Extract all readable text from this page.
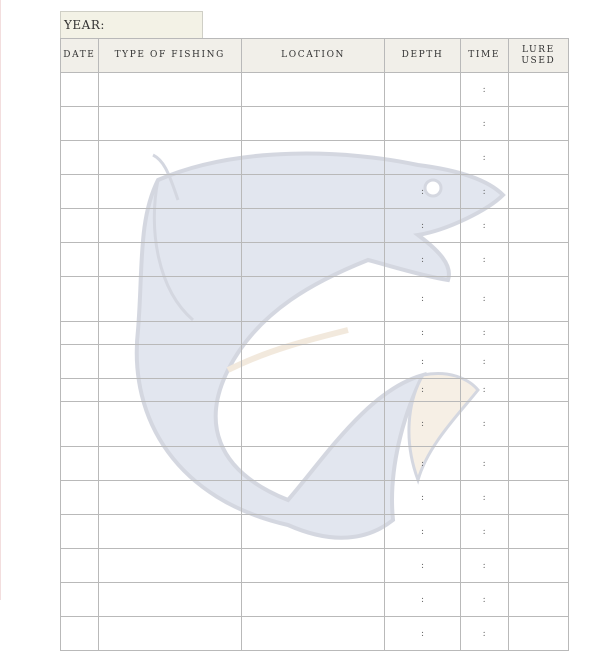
YEAR:
DATE	TYPE OF FISHING	LOCATION	DEPTH	TIME	LURE USED
				:	
				:	
				:	
			:	:	
			:	:	
			:	:	
			:	:	
			:	:	
			:	:	
			:	:	
			:	:	
			:	:	
			:	:	
			:	:	
			:	:	
			:	:	
			:	:	
